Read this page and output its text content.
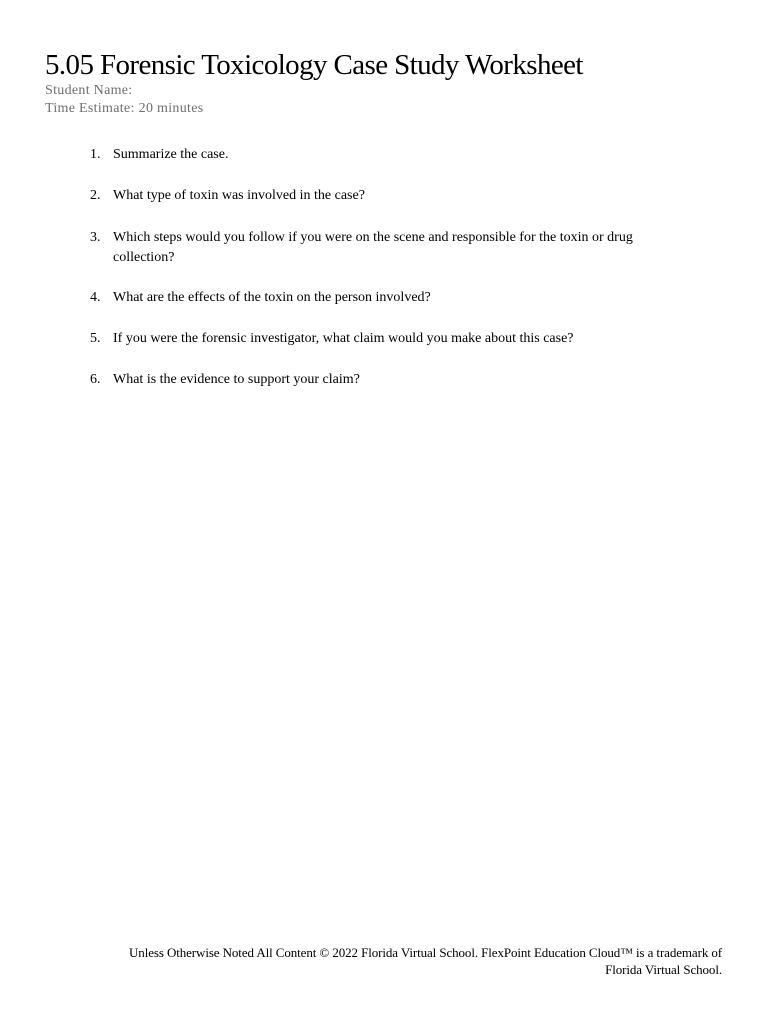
5.05 Forensic Toxicology Case Study Worksheet
Student Name:
Time Estimate: 20 minutes
1. Summarize the case.
2. What type of toxin was involved in the case?
3. Which steps would you follow if you were on the scene and responsible for the toxin or drug collection?
4. What are the effects of the toxin on the person involved?
5. If you were the forensic investigator, what claim would you make about this case?
6. What is the evidence to support your claim?
Unless Otherwise Noted All Content © 2022 Florida Virtual School. FlexPoint Education Cloud™ is a trademark of
Florida Virtual School.
